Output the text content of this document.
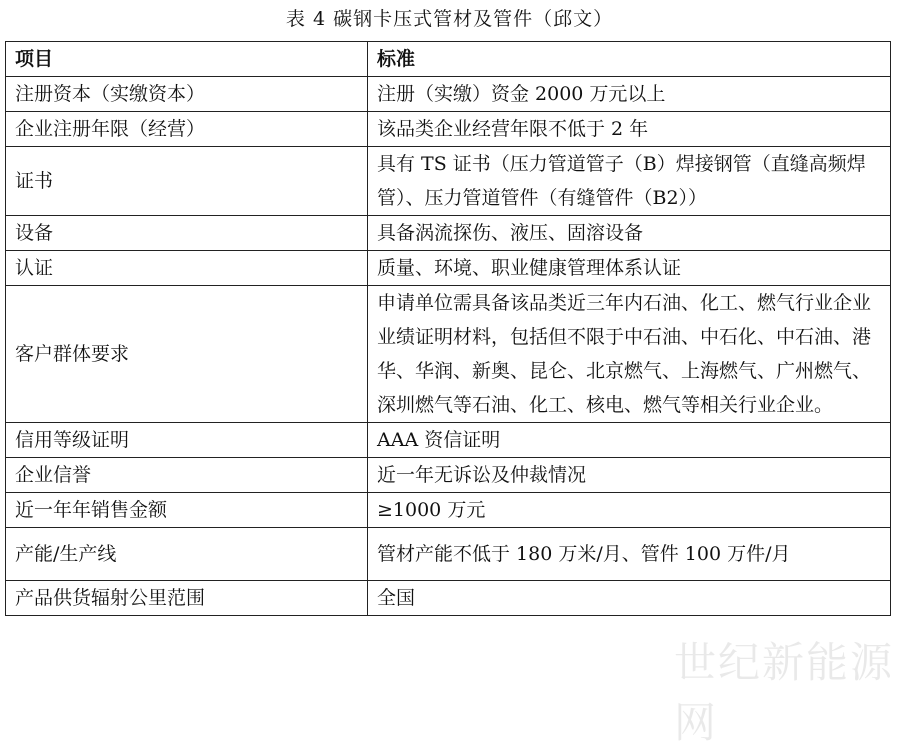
表 4 碳钢卡压式管材及管件（邱文）
项目	标准
注册资本（实缴资本）	注册（实缴）资金 2000 万元以上
企业注册年限（经营）	该品类企业经营年限不低于 2 年
证书	具有 TS 证书（压力管道管子（B）焊接钢管（直缝高频焊管）、压力管道管件（有缝管件（B2））
设备	具备涡流探伤、液压、固溶设备
认证	质量、环境、职业健康管理体系认证
客户群体要求	申请单位需具备该品类近三年内石油、化工、燃气行业企业业绩证明材料，包括但不限于中石油、中石化、中石油、港华、华润、新奥、昆仑、北京燃气、上海燃气、广州燃气、深圳燃气等石油、化工、核电、燃气等相关行业企业。
信用等级证明	AAA 资信证明
企业信誉	近一年无诉讼及仲裁情况
近一年年销售金额	≥1000 万元
产能/生产线	管材产能不低于 180 万米/月、管件 100 万件/月
产品供货辐射公里范围	全国
世纪新能源网
